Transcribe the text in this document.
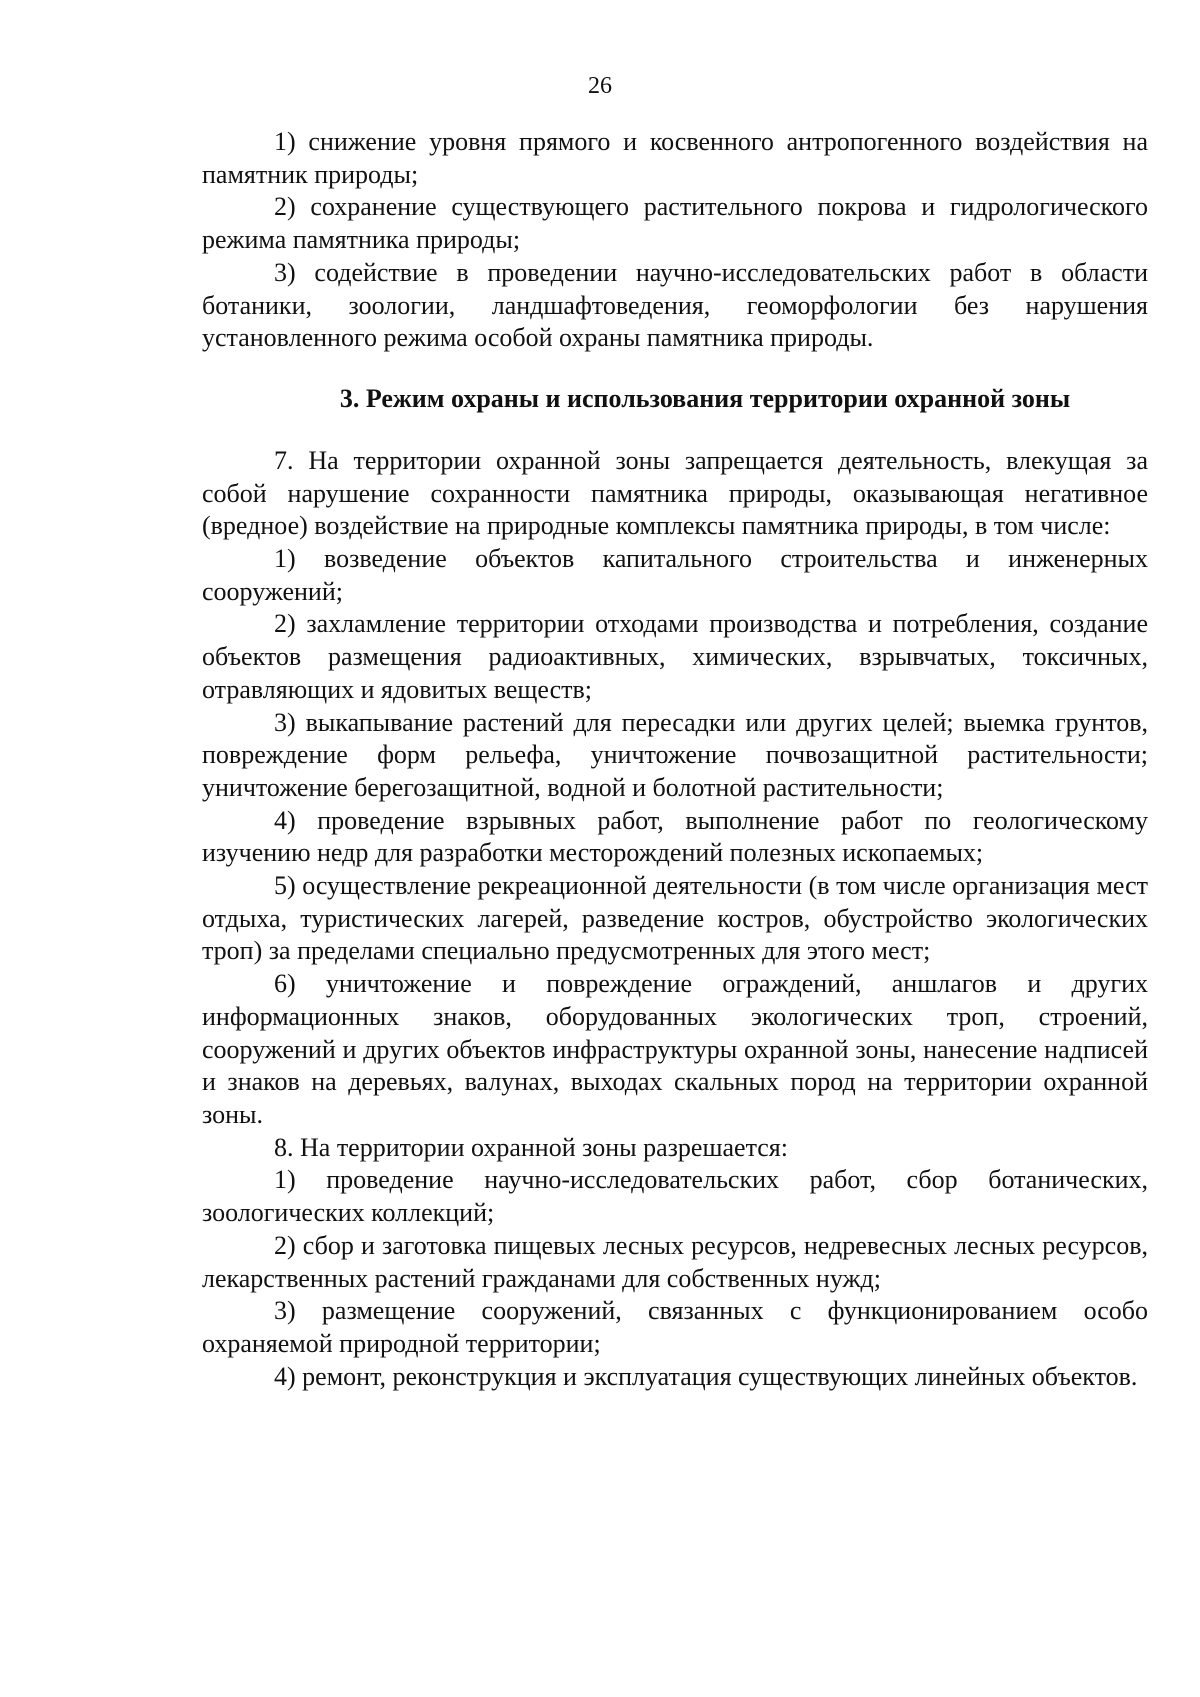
26

1) снижение уровня прямого и косвенного антропогенного воздействия на памятник природы;

2) сохранение существующего растительного покрова и гидрологического режима памятника природы;

3) содействие в проведении научно-исследовательских работ в области ботаники, зоологии, ландшафтоведения, геоморфологии без нарушения установленного режима особой охраны памятника природы.

3. Режим охраны и использования территории охранной зоны

7. На территории охранной зоны запрещается деятельность, влекущая за собой нарушение сохранности памятника природы, оказывающая негативное (вредное) воздействие на природные комплексы памятника природы, в том числе:

1) возведение объектов капитального строительства и инженерных сооружений;

2) захламление территории отходами производства и потребления, создание объектов размещения радиоактивных, химических, взрывчатых, токсичных, отравляющих и ядовитых веществ;

3) выкапывание растений для пересадки или других целей; выемка грунтов, повреждение форм рельефа, уничтожение почвозащитной растительности; уничтожение берегозащитной, водной и болотной растительности;

4) проведение взрывных работ, выполнение работ по геологическому изучению недр для разработки месторождений полезных ископаемых;

5) осуществление рекреационной деятельности (в том числе организация мест отдыха, туристических лагерей, разведение костров, обустройство экологических троп) за пределами специально предусмотренных для этого мест;

6) уничтожение и повреждение ограждений, аншлагов и других информационных знаков, оборудованных экологических троп, строений, сооружений и других объектов инфраструктуры охранной зоны, нанесение надписей и знаков на деревьях, валунах, выходах скальных пород на территории охранной зоны.

8. На территории охранной зоны разрешается:

1) проведение научно-исследовательских работ, сбор ботанических, зоологических коллекций;

2) сбор и заготовка пищевых лесных ресурсов, недревесных лесных ресурсов, лекарственных растений гражданами для собственных нужд;

3) размещение сооружений, связанных с функционированием особо охраняемой природной территории;

4) ремонт, реконструкция и эксплуатация существующих линейных объектов.
